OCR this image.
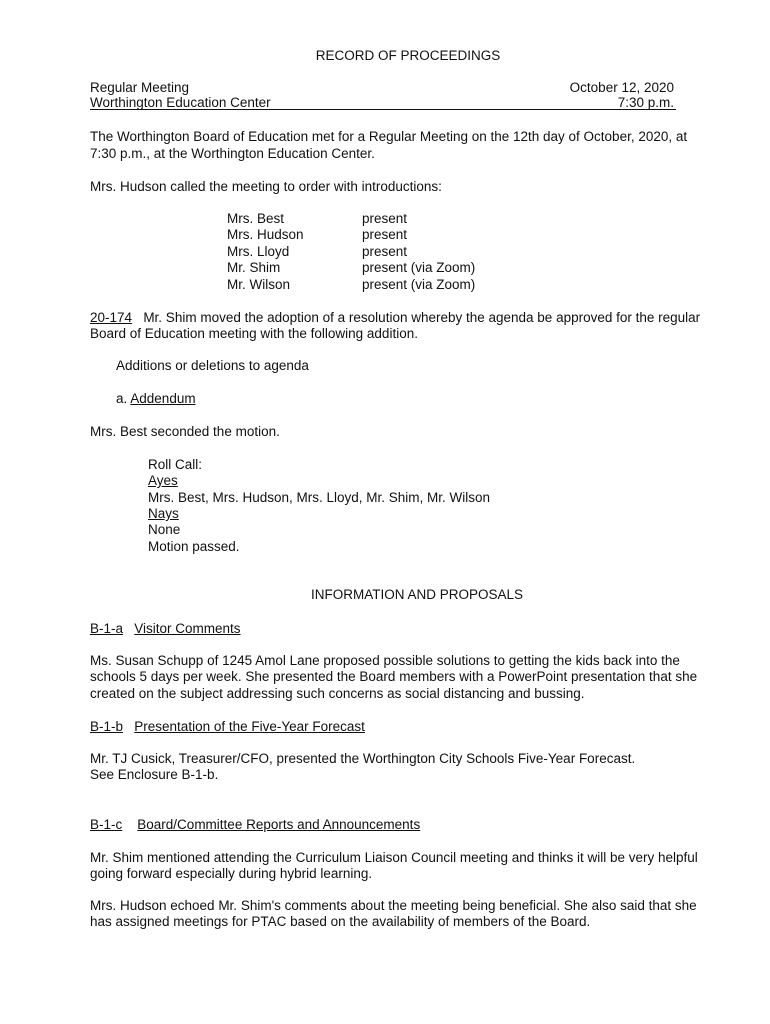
RECORD OF PROCEEDINGS
Regular Meeting	October 12, 2020
Worthington Education Center	7:30 p.m.
The Worthington Board of Education met for a Regular Meeting on the 12th day of October, 2020, at
7:30 p.m., at the Worthington Education Center.
Mrs. Hudson called the meeting to order with introductions:
Mrs. Best	present
Mrs. Hudson	present
Mrs. Lloyd	present
Mr. Shim	present (via Zoom)
Mr. Wilson	present (via Zoom)
20-174 Mr. Shim moved the adoption of a resolution whereby the agenda be approved for the regular
Board of Education meeting with the following addition.
Additions or deletions to agenda
a. Addendum
Mrs. Best seconded the motion.
Roll Call:
Ayes
Mrs. Best, Mrs. Hudson, Mrs. Lloyd, Mr. Shim, Mr. Wilson
Nays
None
Motion passed.
INFORMATION AND PROPOSALS
B-1-a Visitor Comments
Ms. Susan Schupp of 1245 Amol Lane proposed possible solutions to getting the kids back into the
schools 5 days per week. She presented the Board members with a PowerPoint presentation that she
created on the subject addressing such concerns as social distancing and bussing.
B-1-b Presentation of the Five-Year Forecast
Mr. TJ Cusick, Treasurer/CFO, presented the Worthington City Schools Five-Year Forecast.
See Enclosure B-1-b.
B-1-c Board/Committee Reports and Announcements
Mr. Shim mentioned attending the Curriculum Liaison Council meeting and thinks it will be very helpful
going forward especially during hybrid learning.
Mrs. Hudson echoed Mr. Shim's comments about the meeting being beneficial. She also said that she
has assigned meetings for PTAC based on the availability of members of the Board.
